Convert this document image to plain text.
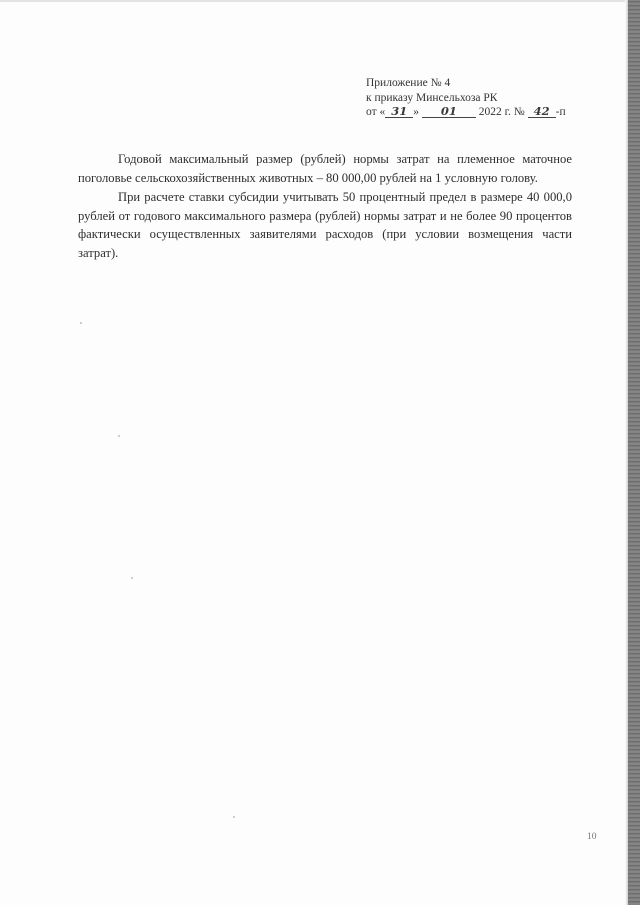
Приложение № 4
к приказу Минсельхоза РК
от « 31 » 01 2022 г. № 42 -п

Годовой максимальный размер (рублей) нормы затрат на племенное маточное поголовье сельскохозяйственных животных – 80 000,00 рублей на 1 условную голову.

При расчете ставки субсидии учитывать 50 процентный предел в размере 40 000,0 рублей от годового максимального размера (рублей) нормы затрат и не более 90 процентов фактически осуществленных заявителями расходов (при условии возмещения части затрат).

10
